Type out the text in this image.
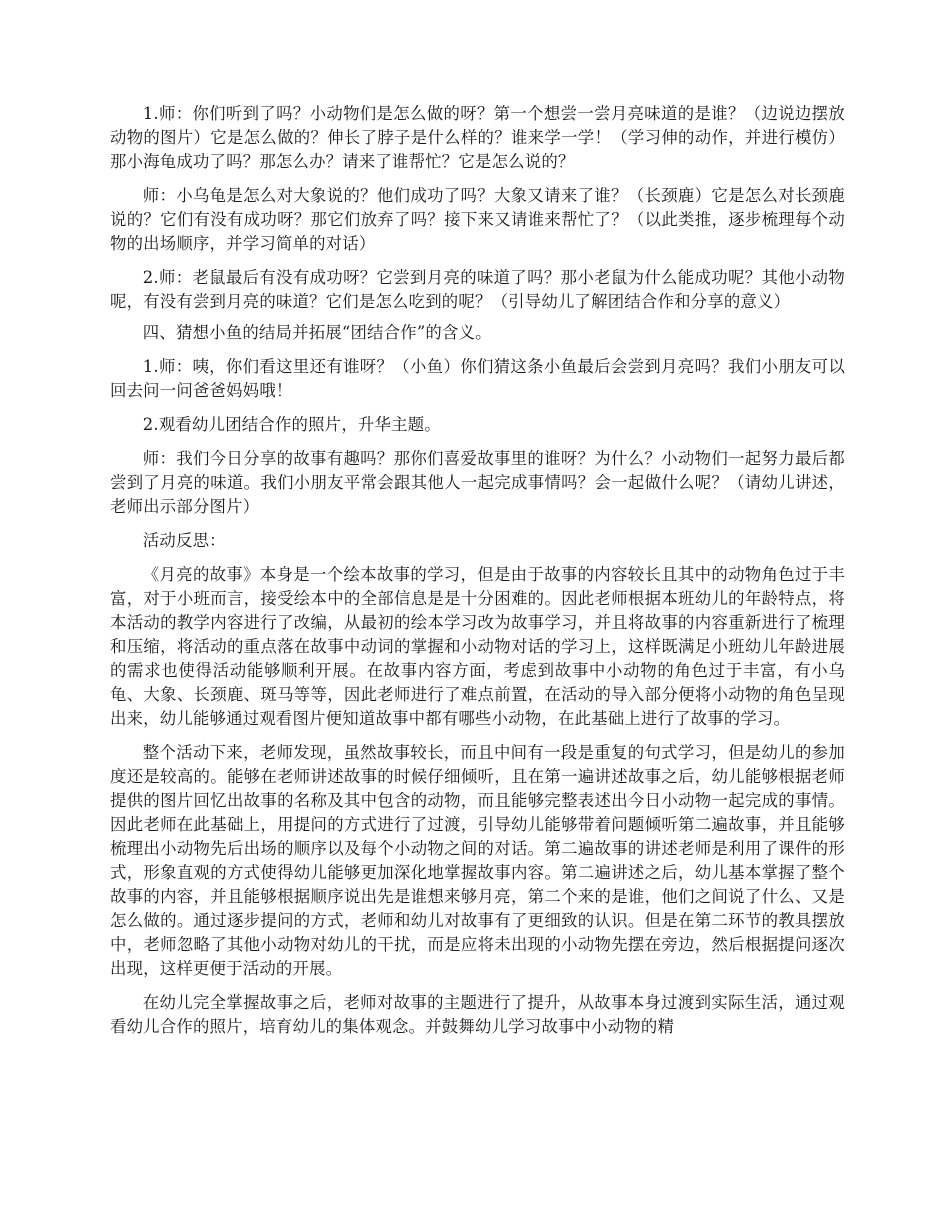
1.师：你们听到了吗？小动物们是怎么做的呀？第一个想尝一尝月亮味道的是谁？（边说边摆放动物的图片）它是怎么做的？伸长了脖子是什么样的？谁来学一学！（学习伸的动作，并进行模仿）那小海龟成功了吗？那怎么办？请来了谁帮忙？它是怎么说的？

师：小乌龟是怎么对大象说的？他们成功了吗？大象又请来了谁？（长颈鹿）它是怎么对长颈鹿说的？它们有没有成功呀？那它们放弃了吗？接下来又请谁来帮忙了？（以此类推，逐步梳理每个动物的出场顺序，并学习简单的对话）

2.师：老鼠最后有没有成功呀？它尝到月亮的味道了吗？那小老鼠为什么能成功呢？其他小动物呢，有没有尝到月亮的味道？它们是怎么吃到的呢？（引导幼儿了解团结合作和分享的意义）

四、猜想小鱼的结局并拓展“团结合作”的含义。

1.师：咦，你们看这里还有谁呀？（小鱼）你们猜这条小鱼最后会尝到月亮吗？我们小朋友可以回去问一问爸爸妈妈哦！

2.观看幼儿团结合作的照片，升华主题。

师：我们今日分享的故事有趣吗？那你们喜爱故事里的谁呀？为什么？小动物们一起努力最后都尝到了月亮的味道。我们小朋友平常会跟其他人一起完成事情吗？会一起做什么呢？（请幼儿讲述，老师出示部分图片）

活动反思：

《月亮的故事》本身是一个绘本故事的学习，但是由于故事的内容较长且其中的动物角色过于丰富，对于小班而言，接受绘本中的全部信息是是十分困难的。因此老师根据本班幼儿的年龄特点，将本活动的教学内容进行了改编，从最初的绘本学习改为故事学习，并且将故事的内容重新进行了梳理和压缩，将活动的重点落在故事中动词的掌握和小动物对话的学习上，这样既满足小班幼儿年龄进展的需求也使得活动能够顺利开展。在故事内容方面，考虑到故事中小动物的角色过于丰富，有小乌龟、大象、长颈鹿、斑马等等，因此老师进行了难点前置，在活动的导入部分便将小动物的角色呈现出来，幼儿能够通过观看图片便知道故事中都有哪些小动物，在此基础上进行了故事的学习。

整个活动下来，老师发现，虽然故事较长，而且中间有一段是重复的句式学习，但是幼儿的参加度还是较高的。能够在老师讲述故事的时候仔细倾听，且在第一遍讲述故事之后，幼儿能够根据老师提供的图片回忆出故事的名称及其中包含的动物，而且能够完整表述出今日小动物一起完成的事情。因此老师在此基础上，用提问的方式进行了过渡，引导幼儿能够带着问题倾听第二遍故事，并且能够梳理出小动物先后出场的顺序以及每个小动物之间的对话。第二遍故事的讲述老师是利用了课件的形式，形象直观的方式使得幼儿能够更加深化地掌握故事内容。第二遍讲述之后，幼儿基本掌握了整个故事的内容，并且能够根据顺序说出先是谁想来够月亮，第二个来的是谁，他们之间说了什么、又是怎么做的。通过逐步提问的方式，老师和幼儿对故事有了更细致的认识。但是在第二环节的教具摆放中，老师忽略了其他小动物对幼儿的干扰，而是应将未出现的小动物先摆在旁边，然后根据提问逐次出现，这样更便于活动的开展。

在幼儿完全掌握故事之后，老师对故事的主题进行了提升，从故事本身过渡到实际生活，通过观看幼儿合作的照片，培育幼儿的集体观念。并鼓舞幼儿学习故事中小动物的精
